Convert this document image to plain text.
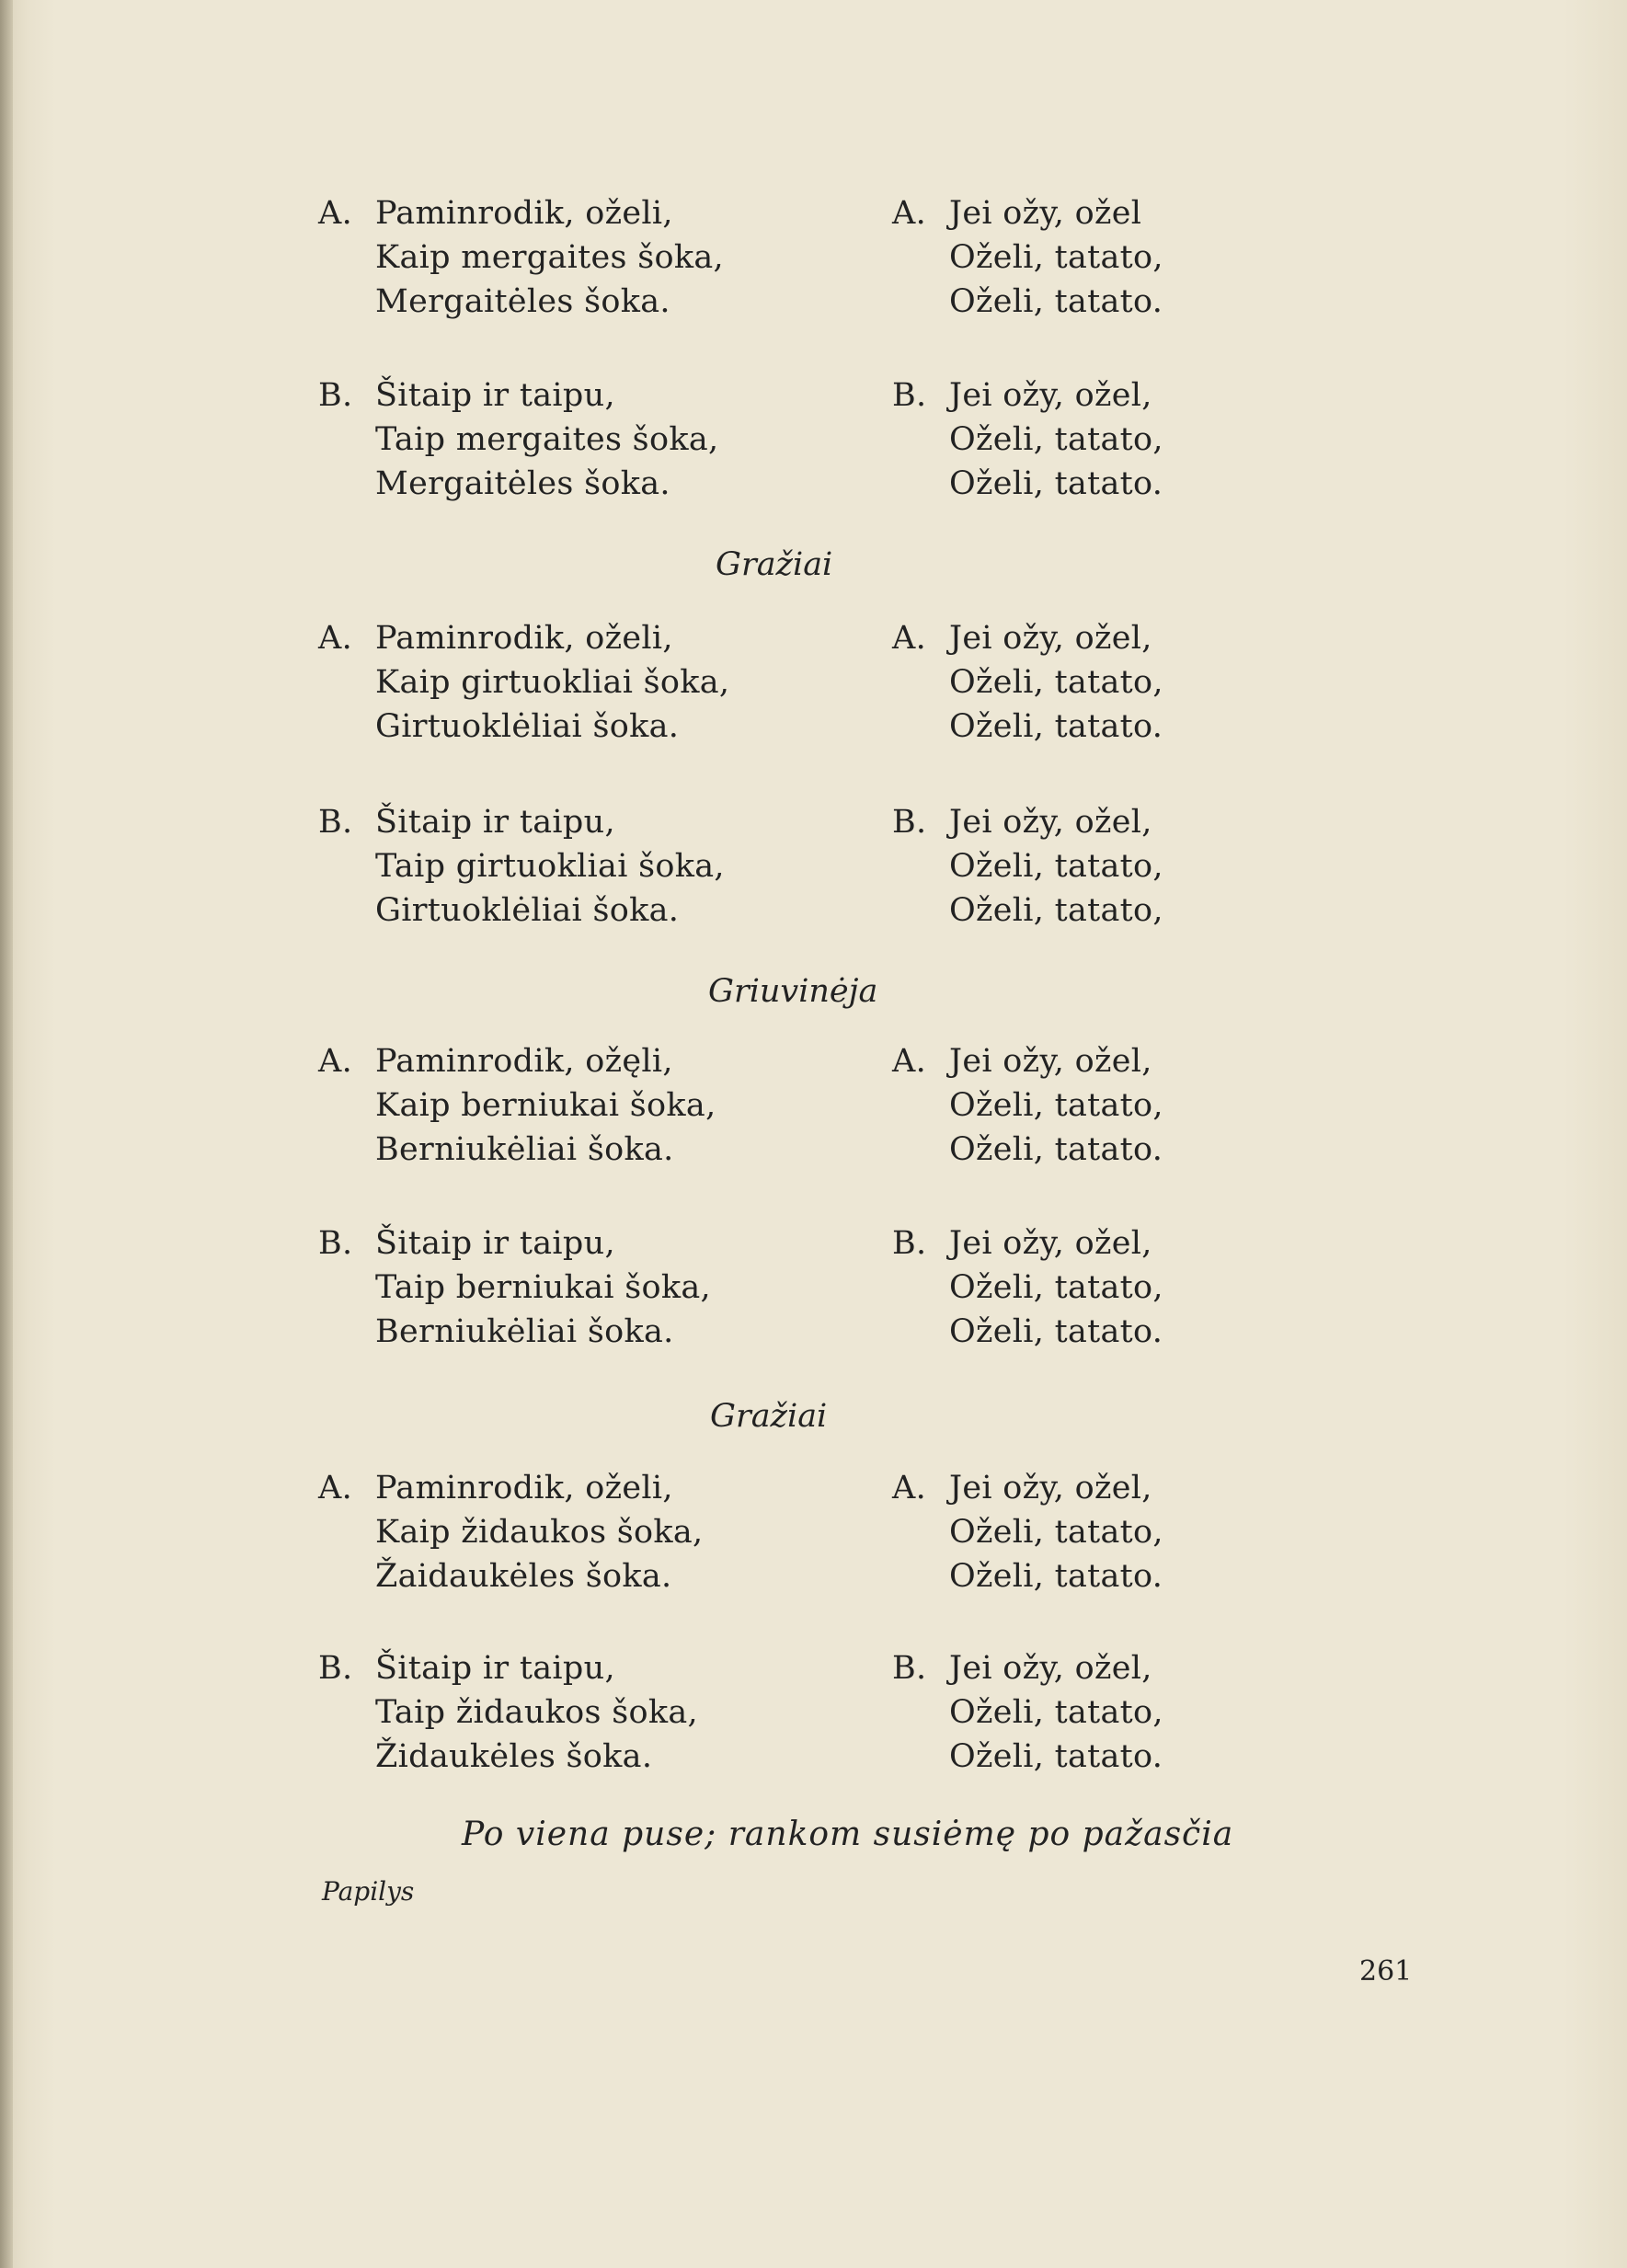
A. Paminrodik, oželi,
Kaip mergaites šoka,
Mergaitėles šoka.
A. Jei ožy, ožel
Oželi, tatato,
Oželi, tatato.
B. Šitaip ir taipu,
Taip mergaites šoka,
Mergaitėles šoka.
B. Jei ožy, ožel,
Oželi, tatato,
Oželi, tatato.
Gražiai
A. Paminrodik, oželi,
Kaip girtuokliai šoka,
Girtuoklėliai šoka.
A. Jei ožy, ožel,
Oželi, tatato,
Oželi, tatato.
B. Šitaip ir taipu,
Taip girtuokliai šoka,
Girtuoklėliai šoka.
B. Jei ožy, ožel,
Oželi, tatato,
Oželi, tatato,
Griuvinėja
A. Paminrodik, ožęli,
Kaip berniukai šoka,
Berniukėliai šoka.
A. Jei ožy, ožel,
Oželi, tatato,
Oželi, tatato.
B. Šitaip ir taipu,
Taip berniukai šoka,
Berniukėliai šoka.
B. Jei ožy, ožel,
Oželi, tatato,
Oželi, tatato.
Gražiai
A. Paminrodik, oželi,
Kaip židaukos šoka,
Žaidaukėles šoka.
A. Jei ožy, ožel,
Oželi, tatato,
Oželi, tatato.
B. Šitaip ir taipu,
Taip židaukos šoka,
Židaukėles šoka.
B. Jei ožy, ožel,
Oželi, tatato,
Oželi, tatato.
Po viena puse; rankom susiėmę po pažasčia
Papilys
261
